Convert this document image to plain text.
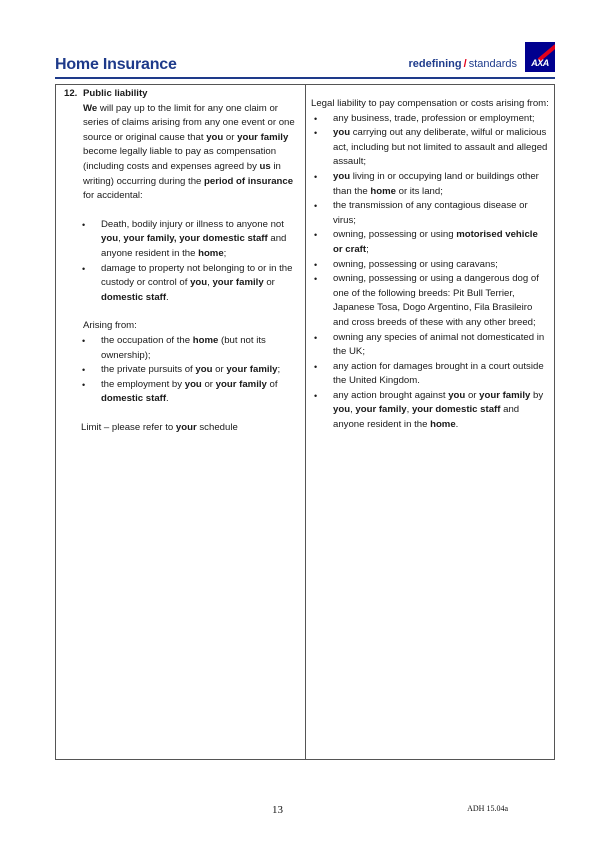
Home Insurance	redefining / standards	AXA
12. Public liability
We will pay up to the limit for any one claim or series of claims arising from any one event or one source or original cause that you or your family become legally liable to pay as compensation (including costs and expenses agreed by us in writing) occurring during the period of insurance for accidental:
• Death, bodily injury or illness to anyone not you, your family, your domestic staff and anyone resident in the home;
• damage to property not belonging to or in the custody or control of you, your family or domestic staff.
Arising from:
• the occupation of the home (but not its ownership);
• the private pursuits of you or your family;
• the employment by you or your family of domestic staff.
Limit – please refer to your schedule
Legal liability to pay compensation or costs arising from:
• any business, trade, profession or employment;
• you carrying out any deliberate, wilful or malicious act, including but not limited to assault and alleged assault;
• you living in or occupying land or buildings other than the home or its land;
• the transmission of any contagious disease or virus;
• owning, possessing or using motorised vehicle or craft;
• owning, possessing or using caravans;
• owning, possessing or using a dangerous dog of one of the following breeds: Pit Bull Terrier, Japanese Tosa, Dogo Argentino, Fila Brasileiro and cross breeds of these with any other breed;
• owning any species of animal not domesticated in the UK;
• any action for damages brought in a court outside the United Kingdom.
• any action brought against you or your family by you, your family, your domestic staff and anyone resident in the home.
13	ADH 15.04a
